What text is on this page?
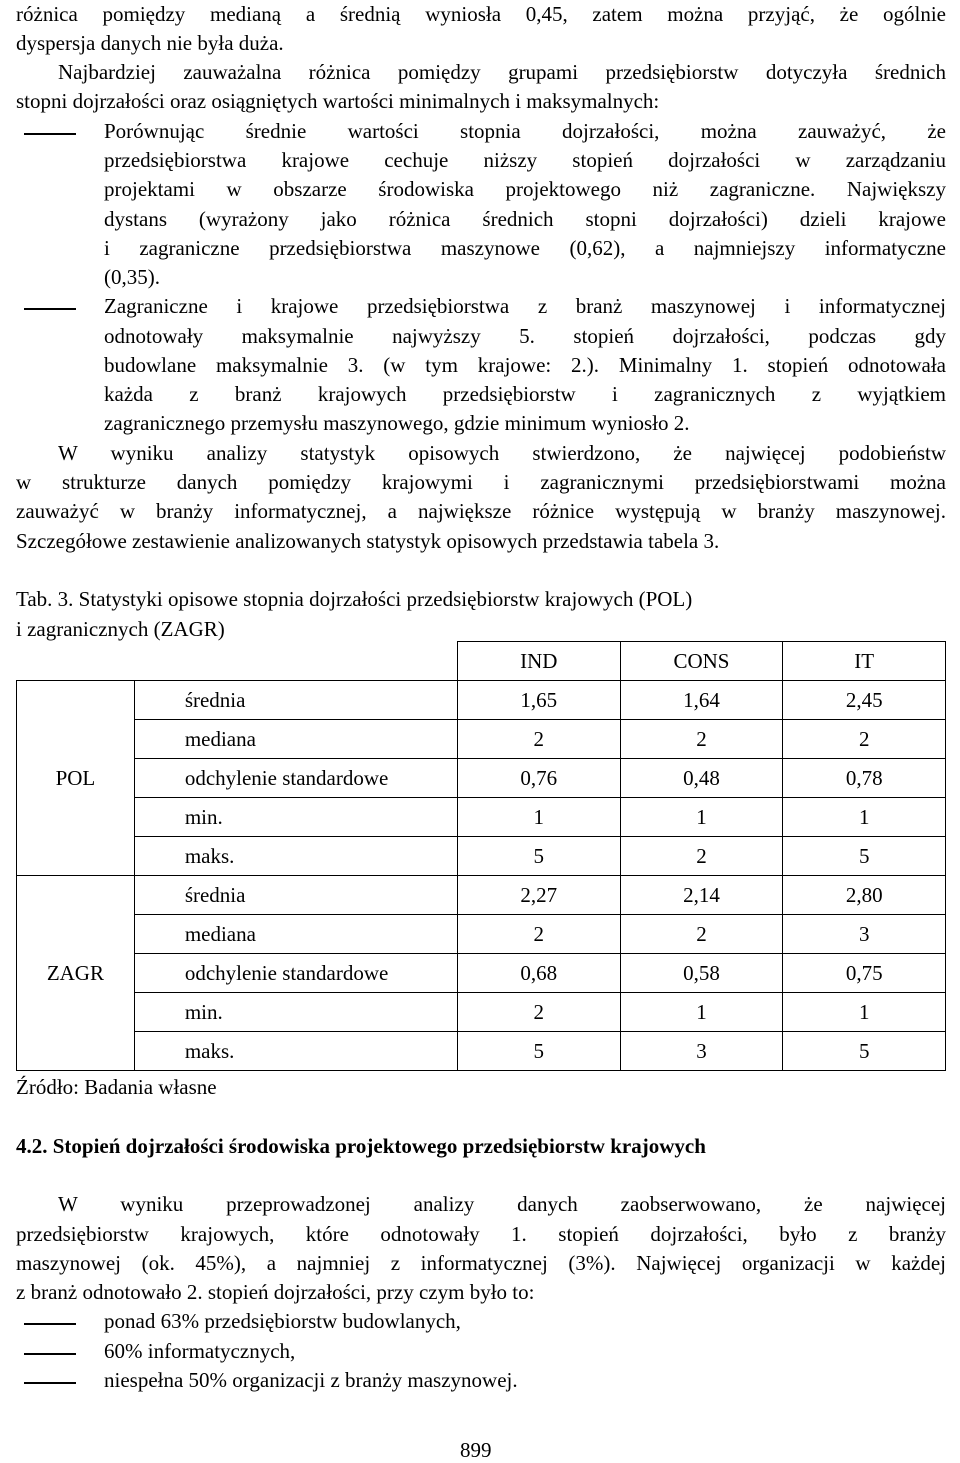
różnica pomiędzy medianą a średnią wyniosła 0,45, zatem można przyjąć, że ogólnie
dyspersja danych nie była duża.
Najbardziej zauważalna różnica pomiędzy grupami przedsiębiorstw dotyczyła średnich
stopni dojrzałości oraz osiągniętych wartości minimalnych i maksymalnych:
Porównując średnie wartości stopnia dojrzałości, można zauważyć, że
przedsiębiorstwa krajowe cechuje niższy stopień dojrzałości w zarządzaniu
projektami w obszarze środowiska projektowego niż zagraniczne. Największy
dystans (wyrażony jako różnica średnich stopni dojrzałości) dzieli krajowe
i zagraniczne przedsiębiorstwa maszynowe (0,62), a najmniejszy informatyczne
(0,35).
Zagraniczne i krajowe przedsiębiorstwa z branż maszynowej i informatycznej
odnotowały maksymalnie najwyższy 5. stopień dojrzałości, podczas gdy
budowlane maksymalnie 3. (w tym krajowe: 2.). Minimalny 1. stopień odnotowała
każda z branż krajowych przedsiębiorstw i zagranicznych z wyjątkiem
zagranicznego przemysłu maszynowego, gdzie minimum wyniosło 2.
W wyniku analizy statystyk opisowych stwierdzono, że najwięcej podobieństw
w strukturze danych pomiędzy krajowymi i zagranicznymi przedsiębiorstwami można
zauważyć w branży informatycznej, a największe różnice występują w branży maszynowej.
Szczegółowe zestawienie analizowanych statystyk opisowych przedstawia tabela 3.
Tab. 3. Statystyki opisowe stopnia dojrzałości przedsiębiorstw krajowych (POL)
i zagranicznych (ZAGR)
		IND	CONS	IT
POL	średnia	1,65	1,64	2,45
	mediana	2	2	2
	odchylenie standardowe	0,76	0,48	0,78
	min.	1	1	1
	maks.	5	2	5
ZAGR	średnia	2,27	2,14	2,80
	mediana	2	2	3
	odchylenie standardowe	0,68	0,58	0,75
	min.	2	1	1
	maks.	5	3	5
Źródło: Badania własne
4.2. Stopień dojrzałości środowiska projektowego przedsiębiorstw krajowych
W wyniku przeprowadzonej analizy danych zaobserwowano, że najwięcej
przedsiębiorstw krajowych, które odnotowały 1. stopień dojrzałości, było z branży
maszynowej (ok. 45%), a najmniej z informatycznej (3%). Najwięcej organizacji w każdej
z branż odnotowało 2. stopień dojrzałości, przy czym było to:
ponad 63% przedsiębiorstw budowlanych,
60% informatycznych,
niespełna 50% organizacji z branży maszynowej.
899
